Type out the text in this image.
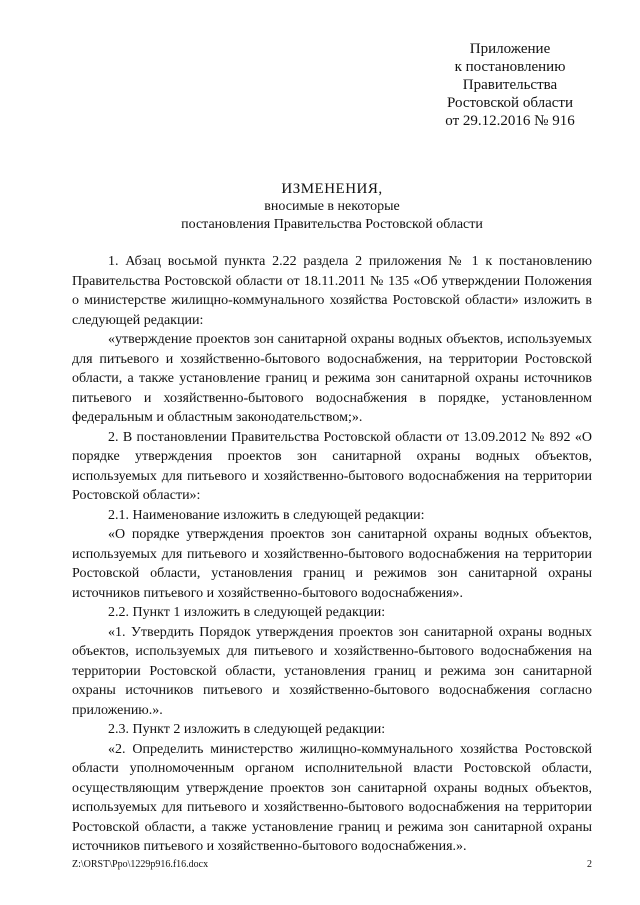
Приложение
к постановлению
Правительства
Ростовской области
от 29.12.2016 № 916
ИЗМЕНЕНИЯ,
вносимые в некоторые
постановления Правительства Ростовской области

1. Абзац восьмой пункта 2.22 раздела 2 приложения № 1 к постановлению Правительства Ростовской области от 18.11.2011 № 135 «Об утверждении Положения о министерстве жилищно-коммунального хозяйства Ростовской области» изложить в следующей редакции:

«утверждение проектов зон санитарной охраны водных объектов, используемых для питьевого и хозяйственно-бытового водоснабжения, на территории Ростовской области, а также установление границ и режима зон санитарной охраны источников питьевого и хозяйственно-бытового водоснабжения в порядке, установленном федеральным и областным законодательством;».

2. В постановлении Правительства Ростовской области от 13.09.2012 № 892 «О порядке утверждения проектов зон санитарной охраны водных объектов, используемых для питьевого и хозяйственно-бытового водоснабжения на территории Ростовской области»:

2.1. Наименование изложить в следующей редакции:

«О порядке утверждения проектов зон санитарной охраны водных объектов, используемых для питьевого и хозяйственно-бытового водоснабжения на территории Ростовской области, установления границ и режимов зон санитарной охраны источников питьевого и хозяйственно-бытового водоснабжения».

2.2. Пункт 1 изложить в следующей редакции:

«1. Утвердить Порядок утверждения проектов зон санитарной охраны водных объектов, используемых для питьевого и хозяйственно-бытового водоснабжения на территории Ростовской области, установления границ и режима зон санитарной охраны источников питьевого и хозяйственно-бытового водоснабжения согласно приложению.».

2.3. Пункт 2 изложить в следующей редакции:

«2. Определить министерство жилищно-коммунального хозяйства Ростовской области уполномоченным органом исполнительной власти Ростовской области, осуществляющим утверждение проектов зон санитарной охраны водных объектов, используемых для питьевого и хозяйственно-бытового водоснабжения на территории Ростовской области, а также установление границ и режима зон санитарной охраны источников питьевого и хозяйственно-бытового водоснабжения.».

Z:\ORST\Ppo\1229p916.f16.docx	2
